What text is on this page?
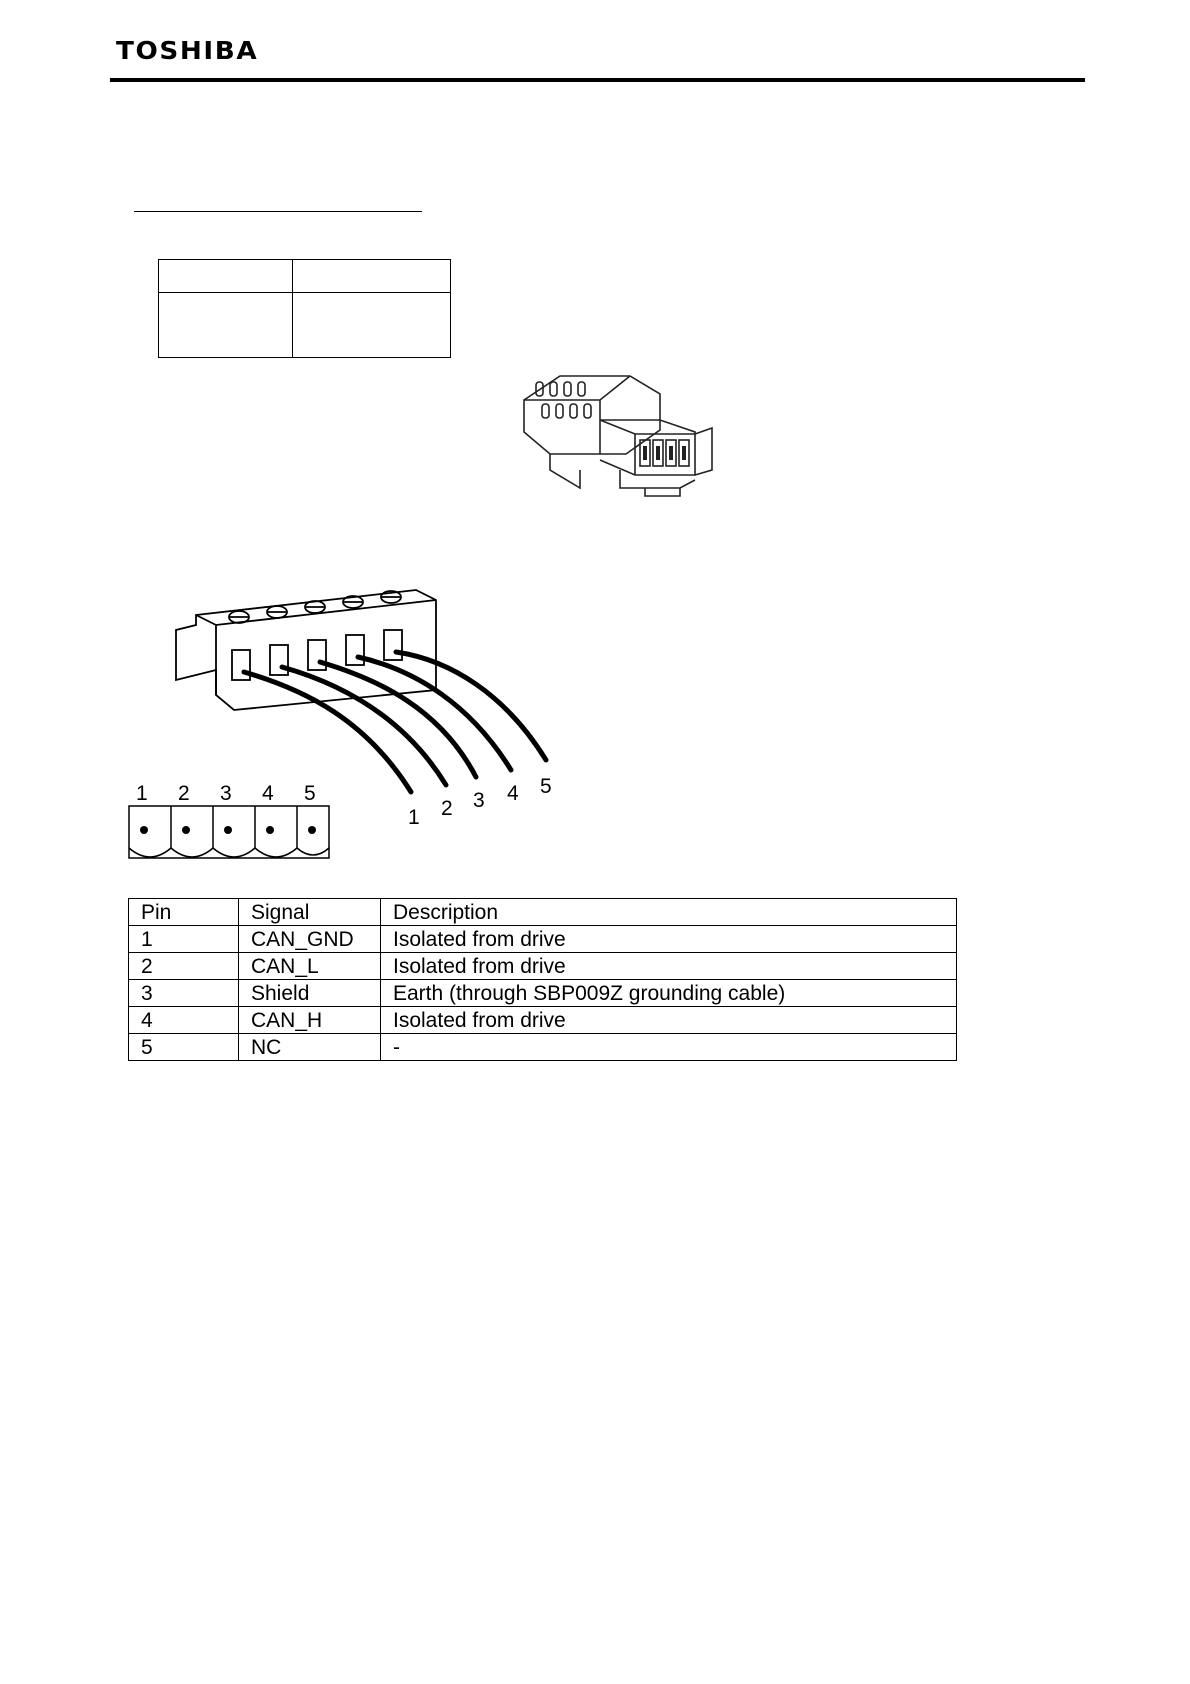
TOSHIBA

1 2 3 4 5
1 2 3 4 5
Pin	Signal	Description
1	CAN_GND	Isolated from drive
2	CAN_L	Isolated from drive
3	Shield	Earth (through SBP009Z grounding cable)
4	CAN_H	Isolated from drive
5	NC	-
